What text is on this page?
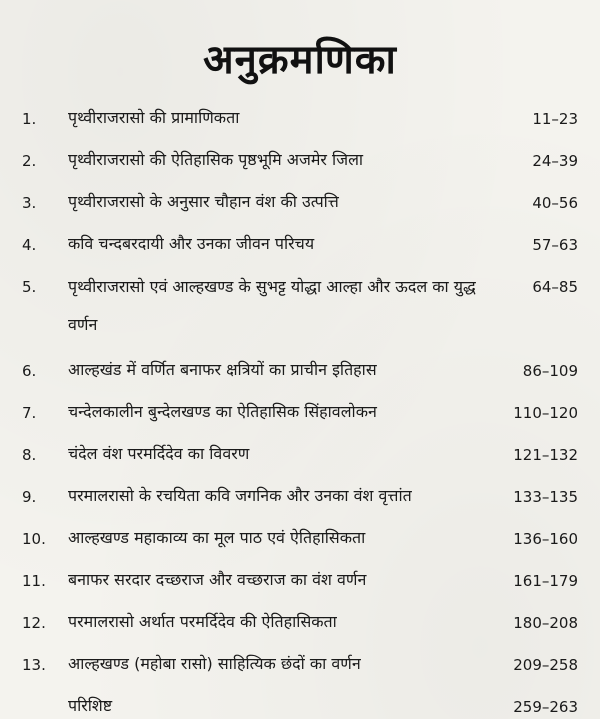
अनुक्रमणिका
1. पृथ्वीराजरासो की प्रामाणिकता	11–23
2. पृथ्वीराजरासो की ऐतिहासिक पृष्ठभूमि अजमेर जिला	24–39
3. पृथ्वीराजरासो के अनुसार चौहान वंश की उत्पत्ति	40–56
4. कवि चन्दबरदायी और उनका जीवन परिचय	57–63
5. पृथ्वीराजरासो एवं आल्हखण्ड के सुभट्ट योद्धा आल्हा और ऊदल का युद्ध वर्णन
64–85
6. आल्हखंड में वर्णित बनाफर क्षत्रियों का प्राचीन इतिहास	86–109
7. चन्देलकालीन बुन्देलखण्ड का ऐतिहासिक सिंहावलोकन	110–120
8. चंदेल वंश परमर्दिदेव का विवरण	121–132
9. परमालरासो के रचयिता कवि जगनिक और उनका वंश वृत्तांत	133–135
10. आल्हखण्ड महाकाव्य का मूल पाठ एवं ऐतिहासिकता	136–160
11. बनाफर सरदार दच्छराज और वच्छराज का वंश वर्णन	161–179
12. परमालरासो अर्थात परमर्दिदेव की ऐतिहासिकता	180–208
13. आल्हखण्ड (महोबा रासो) साहित्यिक छंदों का वर्णन	209–258
परिशिष्ट	259–263
